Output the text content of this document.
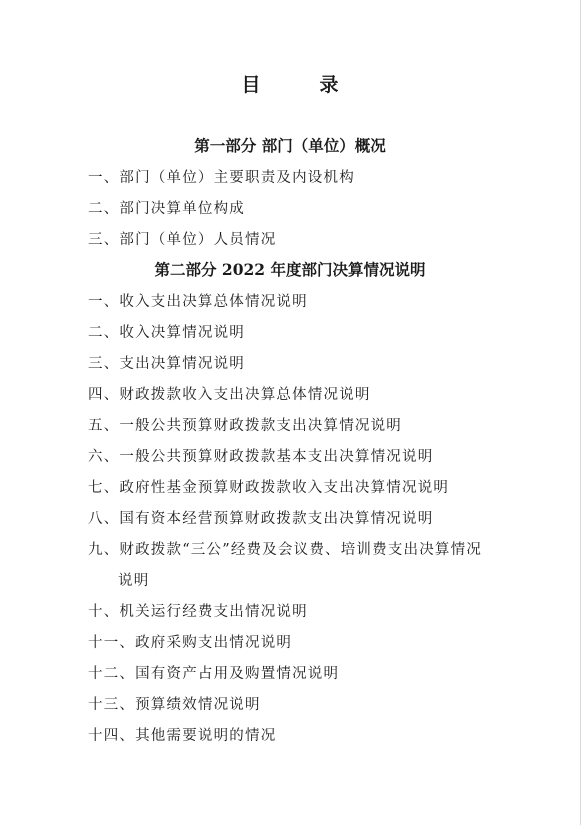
目　录
第一部分 部门（单位）概况
一、部门（单位）主要职责及内设机构
二、部门决算单位构成
三、部门（单位）人员情况
第二部分 2022 年度部门决算情况说明
一、收入支出决算总体情况说明
二、收入决算情况说明
三、支出决算情况说明
四、财政拨款收入支出决算总体情况说明
五、一般公共预算财政拨款支出决算情况说明
六、一般公共预算财政拨款基本支出决算情况说明
七、政府性基金预算财政拨款收入支出决算情况说明
八、国有资本经营预算财政拨款支出决算情况说明
九、财政拨款“三公”经费及会议费、培训费支出决算情况
说明
十、机关运行经费支出情况说明
十一、政府采购支出情况说明
十二、国有资产占用及购置情况说明
十三、预算绩效情况说明
十四、其他需要说明的情况
